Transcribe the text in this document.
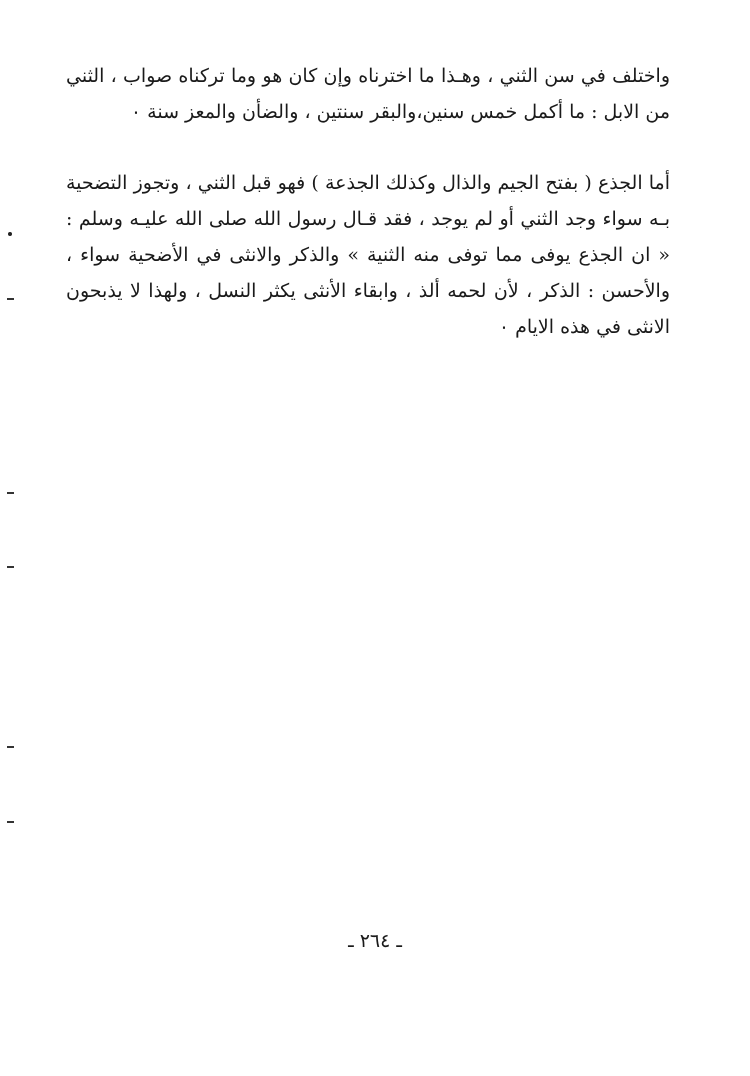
واختلف في سن الثني ، وهـذا ما اخترناه وإن كان هو وما تركناه صواب ، الثني من الابل : ما أكمل خمس سنين،والبقر سنتين ، والضأن والمعز سنة ٠

أما الجذع ( بفتح الجيم والذال وكذلك الجذعة ) فهو قبل الثني ، وتجوز التضحية بـه سواء وجد الثني أو لم يوجد ، فقد قـال رسول الله صلى الله عليـه وسلم : « ان الجذع يوفى مما توفى منه الثنية » والذكر والانثى في الأضحية سواء ، والأحسن : الذكر ، لأن لحمه ألذ ، وابقاء الأنثى يكثر النسل ، ولهذا لا يذبحون الانثى في هذه الايام ٠

ـ ٢٦٤ ـ
